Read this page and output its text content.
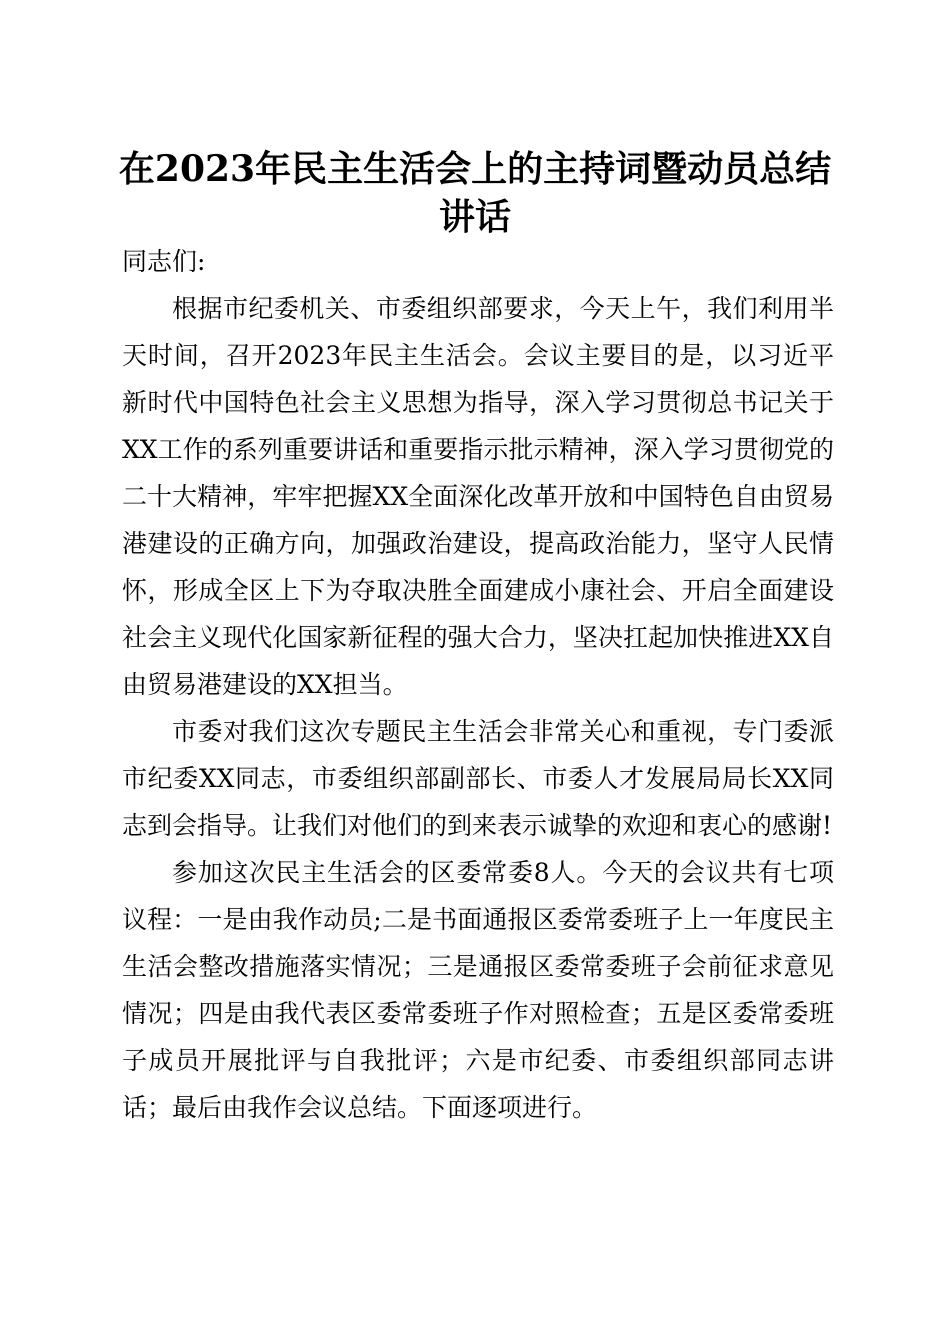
在2023年民主生活会上的主持词暨动员总结讲话

同志们:

根据市纪委机关、市委组织部要求，今天上午，我们利用半天时间，召开2023年民主生活会。会议主要目的是，以习近平新时代中国特色社会主义思想为指导，深入学习贯彻总书记关于XX工作的系列重要讲话和重要指示批示精神，深入学习贯彻党的二十大精神，牢牢把握XX全面深化改革开放和中国特色自由贸易港建设的正确方向，加强政治建设，提高政治能力，坚守人民情怀，形成全区上下为夺取决胜全面建成小康社会、开启全面建设社会主义现代化国家新征程的强大合力，坚决扛起加快推进XX自由贸易港建设的XX担当。

市委对我们这次专题民主生活会非常关心和重视，专门委派市纪委XX同志，市委组织部副部长、市委人才发展局局长XX同志到会指导。让我们对他们的到来表示诚挚的欢迎和衷心的感谢!

参加这次民主生活会的区委常委8人。今天的会议共有七项议程：一是由我作动员;二是书面通报区委常委班子上一年度民主生活会整改措施落实情况；三是通报区委常委班子会前征求意见情况；四是由我代表区委常委班子作对照检查；五是区委常委班子成员开展批评与自我批评；六是市纪委、市委组织部同志讲话；最后由我作会议总结。下面逐项进行。
